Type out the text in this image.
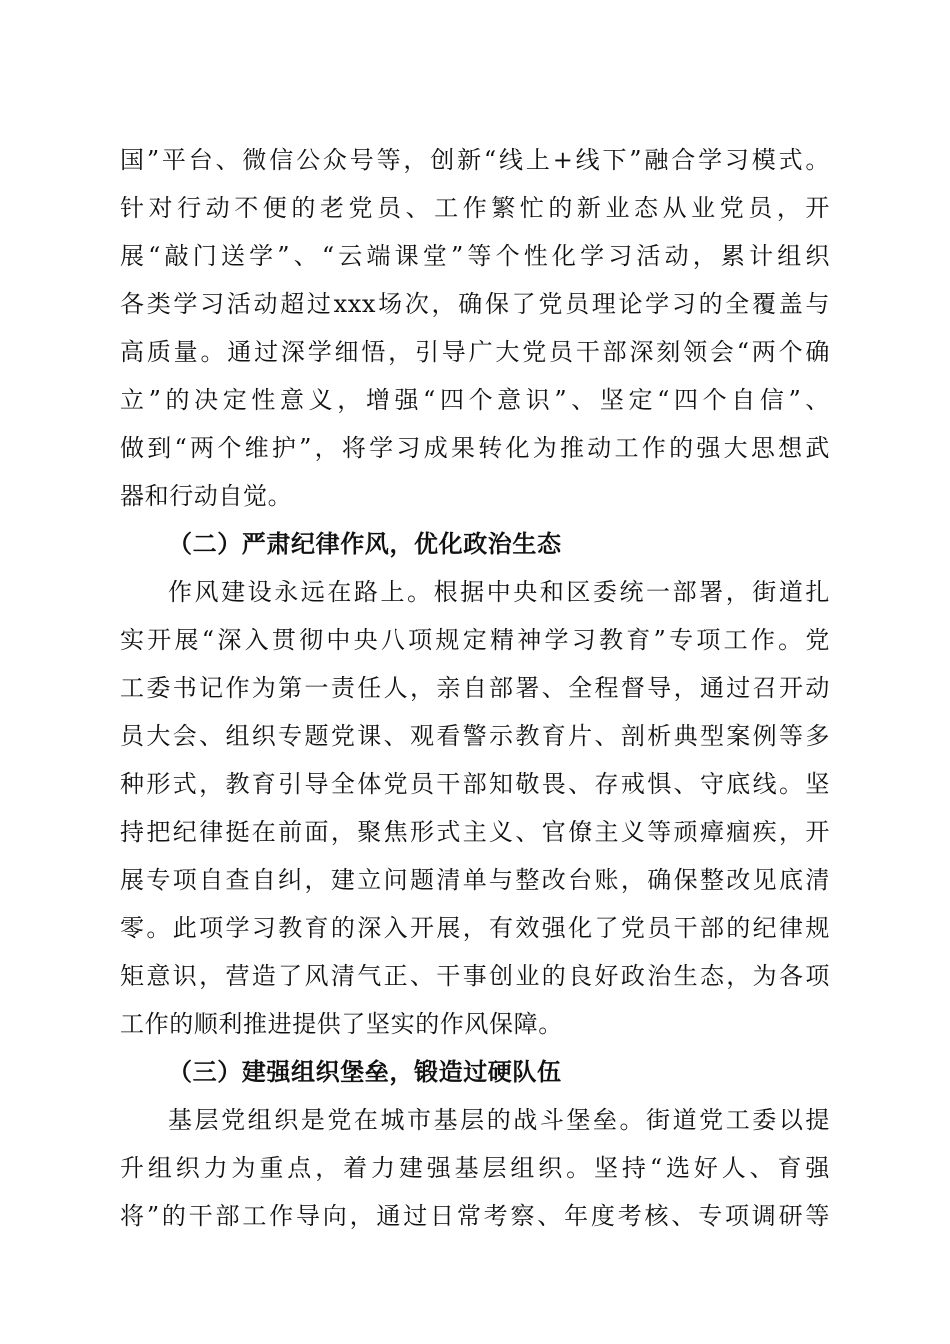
国”平台、微信公众号等，创新“线上+线下”融合学习模式。
针对行动不便的老党员、工作繁忙的新业态从业党员，开
展“敲门送学”、“云端课堂”等个性化学习活动，累计组织
各类学习活动超过xxx场次，确保了党员理论学习的全覆盖与
高质量。通过深学细悟，引导广大党员干部深刻领会“两个确
立”的决定性意义，增强“四个意识”、坚定“四个自信”、
做到“两个维护”，将学习成果转化为推动工作的强大思想武
器和行动自觉。
（二）严肃纪律作风，优化政治生态
作风建设永远在路上。根据中央和区委统一部署，街道扎
实开展“深入贯彻中央八项规定精神学习教育”专项工作。党
工委书记作为第一责任人，亲自部署、全程督导，通过召开动
员大会、组织专题党课、观看警示教育片、剖析典型案例等多
种形式，教育引导全体党员干部知敬畏、存戒惧、守底线。坚
持把纪律挺在前面，聚焦形式主义、官僚主义等顽瘴痼疾，开
展专项自查自纠，建立问题清单与整改台账，确保整改见底清
零。此项学习教育的深入开展，有效强化了党员干部的纪律规
矩意识，营造了风清气正、干事创业的良好政治生态，为各项
工作的顺利推进提供了坚实的作风保障。
（三）建强组织堡垒，锻造过硬队伍
基层党组织是党在城市基层的战斗堡垒。街道党工委以提
升组织力为重点，着力建强基层组织。坚持“选好人、育强
将”的干部工作导向，通过日常考察、年度考核、专项调研等
